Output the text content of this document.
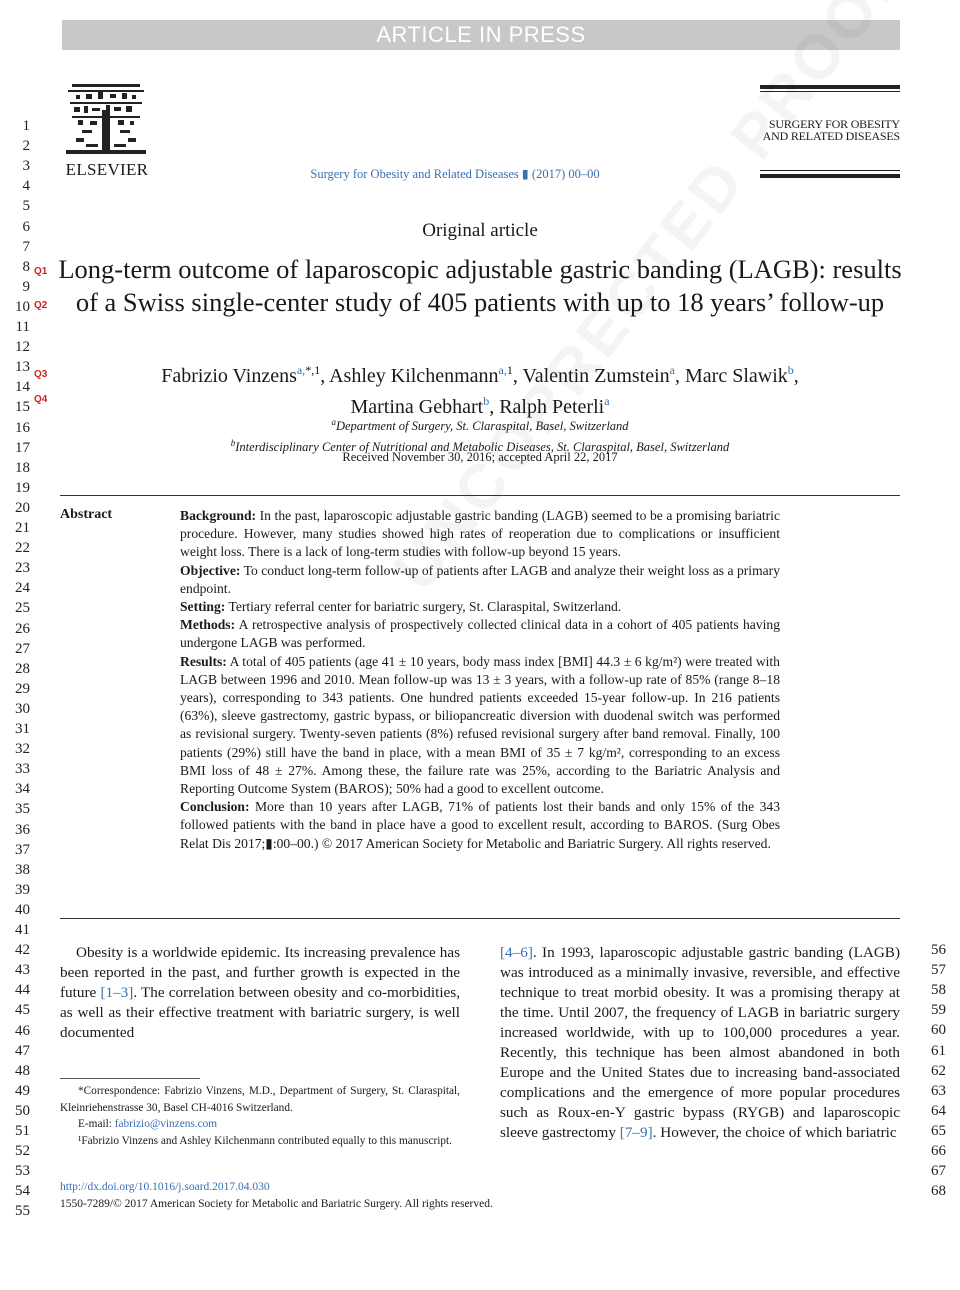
ARTICLE IN PRESS
ELSEVIER	Surgery for Obesity and Related Diseases ▮ (2017) 00–00
SURGERY FOR OBESITY
AND RELATED DISEASES
1
2
3
4
5
6
7
8
9
10
11
12
13
14
15
16
17
18
19
20
21
22
23
24
25
26
27
28
29
30
31
32
33
34
35
36
37
38
39
40
41
42
43
44
45
46
47
48
49
50
51
52
53
54
55
56
57
58
59
60
61
62
63
64
65
66
67
68
Q1
Q2
Q3
Q4
Original article
Long-term outcome of laparoscopic adjustable gastric banding (LAGB): results of a Swiss single-center study of 405 patients with up to 18 years’ follow-up
Fabrizio Vinzens$^{a,*,1}$, Ashley Kilchenmann$^{a,1}$, Valentin Zumstein$^a$, Marc Slawik$^b$,
Martina Gebhart$^b$, Ralph Peterli$^a$
$^a$Department of Surgery, St. Claraspital, Basel, Switzerland
$^b$Interdisciplinary Center of Nutritional and Metabolic Diseases, St. Claraspital, Basel, Switzerland
Received November 30, 2016; accepted April 22, 2017
Abstract	Background: In the past, laparoscopic adjustable gastric banding (LAGB) seemed to be a promising bariatric procedure. However, many studies showed high rates of reoperation due to complications or insufficient weight loss. There is a lack of long-term studies with follow-up beyond 15 years.

Objective: To conduct long-term follow-up of patients after LAGB and analyze their weight loss as a primary endpoint.

Setting: Tertiary referral center for bariatric surgery, St. Claraspital, Switzerland.

Methods: A retrospective analysis of prospectively collected clinical data in a cohort of 405 patients having undergone LAGB was performed.

Results: A total of 405 patients (age 41 ± 10 years, body mass index [BMI] 44.3 ± 6 kg/m²) were treated with LAGB between 1996 and 2010. Mean follow-up was 13 ± 3 years, with a follow-up rate of 85% (range 8–18 years), corresponding to 343 patients. One hundred patients exceeded 15-year follow-up. In 216 patients (63%), sleeve gastrectomy, gastric bypass, or biliopancreatic diversion with duodenal switch was performed as revisional surgery. Twenty-seven patients (8%) refused revisional surgery after band removal. Finally, 100 patients (29%) still have the band in place, with a mean BMI of 35 ± 7 kg/m², corresponding to an excess BMI loss of 48 ± 27%. Among these, the failure rate was 25%, according to the Bariatric Analysis and Reporting Outcome System (BAROS); 50% had a good to excellent outcome.

Conclusion: More than 10 years after LAGB, 71% of patients lost their bands and only 15% of the 343 followed patients with the band in place have a good to excellent result, according to BAROS. (Surg Obes Relat Dis 2017;▮:00–00.) © 2017 American Society for Metabolic and Bariatric Surgery. All rights reserved.

Obesity is a worldwide epidemic. Its increasing prevalence has been reported in the past, and further growth is expected in the future [1–3]. The correlation between obesity and co-morbidities, as well as their effective treatment with bariatric surgery, is well documented
[4–6]. In 1993, laparoscopic adjustable gastric banding (LAGB) was introduced as a minimally invasive, reversible, and effective technique to treat morbid obesity. It was a promising therapy at the time. Until 2007, the frequency of LAGB in bariatric surgery increased worldwide, with up to 100,000 procedures a year. Recently, this technique has been almost abandoned in both Europe and the United States due to increasing band-associated complications and the emergence of more popular procedures such as Roux-en-Y gastric bypass (RYGB) and laparoscopic sleeve gastrectomy [7–9]. However, the choice of which bariatric

*Correspondence: Fabrizio Vinzens, M.D., Department of Surgery, St. Claraspital, Kleinriehenstrasse 30, Basel CH-4016 Switzerland.

E-mail: fabrizio@vinzens.com

¹Fabrizio Vinzens and Ashley Kilchenmann contributed equally to this manuscript.

http://dx.doi.org/10.1016/j.soard.2017.04.030
1550-7289/© 2017 American Society for Metabolic and Bariatric Surgery. All rights reserved.
